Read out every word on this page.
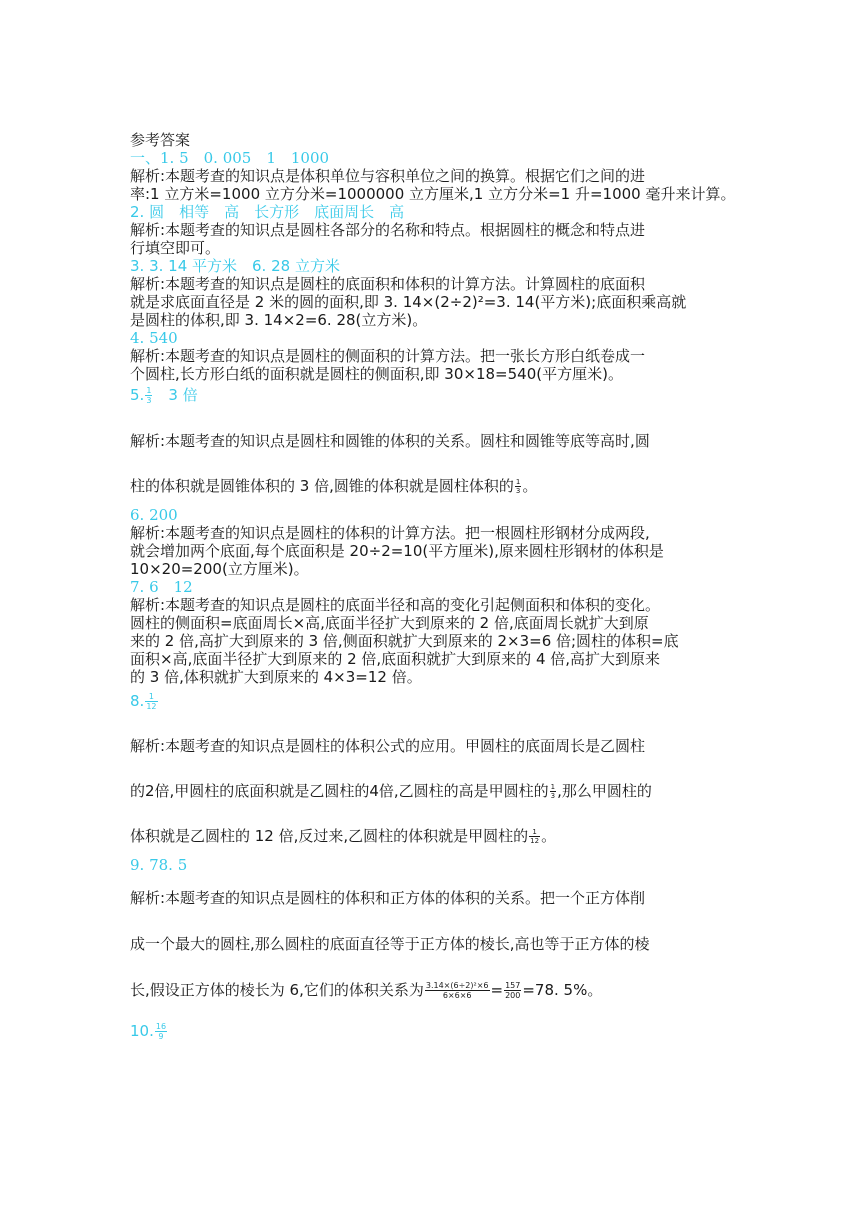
参考答案
一、1. 5　0. 005　1　1000
解析:本题考查的知识点是体积单位与容积单位之间的换算。根据它们之间的进
率:1 立方米=1000 立方分米=1000000 立方厘米,1 立方分米=1 升=1000 毫升来计算。
2. 圆　相等　高　长方形　底面周长　高
解析:本题考查的知识点是圆柱各部分的名称和特点。根据圆柱的概念和特点进
行填空即可。
3. 3. 14 平方米　6. 28 立方米
解析:本题考查的知识点是圆柱的底面积和体积的计算方法。计算圆柱的底面积
就是求底面直径是 2 米的圆的面积,即 3. 14×(2÷2)²=3. 14(平方米);底面积乘高就
是圆柱的体积,即 3. 14×2=6. 28(立方米)。
4. 540
解析:本题考查的知识点是圆柱的侧面积的计算方法。把一张长方形白纸卷成一
个圆柱,长方形白纸的面积就是圆柱的侧面积,即 30×18=540(平方厘米)。
5. $\frac{1}{3}$ 　3 倍
解析:本题考查的知识点是圆柱和圆锥的体积的关系。圆柱和圆锥等底等高时,圆
柱的体积就是圆锥体积的 3 倍,圆锥的体积就是圆柱体积的 $\frac{1}{3}$ 。
6. 200
解析:本题考查的知识点是圆柱的体积的计算方法。把一根圆柱形钢材分成两段,
就会增加两个底面,每个底面积是 20÷2=10(平方厘米),原来圆柱形钢材的体积是
10×20=200(立方厘米)。
7. 6　12
解析:本题考查的知识点是圆柱的底面半径和高的变化引起侧面积和体积的变化。
圆柱的侧面积=底面周长×高,底面半径扩大到原来的 2 倍,底面周长就扩大到原
来的 2 倍,高扩大到原来的 3 倍,侧面积就扩大到原来的 2×3=6 倍;圆柱的体积=底
面积×高,底面半径扩大到原来的 2 倍,底面积就扩大到原来的 4 倍,高扩大到原来
的 3 倍,体积就扩大到原来的 4×3=12 倍。
8. $\frac{1}{12}$
解析:本题考查的知识点是圆柱的体积公式的应用。甲圆柱的底面周长是乙圆柱
的2倍,甲圆柱的底面积就是乙圆柱的4倍,乙圆柱的高是甲圆柱的 $\frac{1}{3}$ ,那么甲圆柱的
体积就是乙圆柱的 12 倍,反过来,乙圆柱的体积就是甲圆柱的 $\frac{1}{12}$ 。
9. 78. 5
解析:本题考查的知识点是圆柱的体积和正方体的体积的关系。把一个正方体削
成一个最大的圆柱,那么圆柱的底面直径等于正方体的棱长,高也等于正方体的棱
长,假设正方体的棱长为 6,它们的体积关系为 $\frac{\text{3.14×(6÷2)²×6}}{6\times 6\times 6} = \frac{157}{200} =78$. 5%。
10. $\frac{16}{9}$
